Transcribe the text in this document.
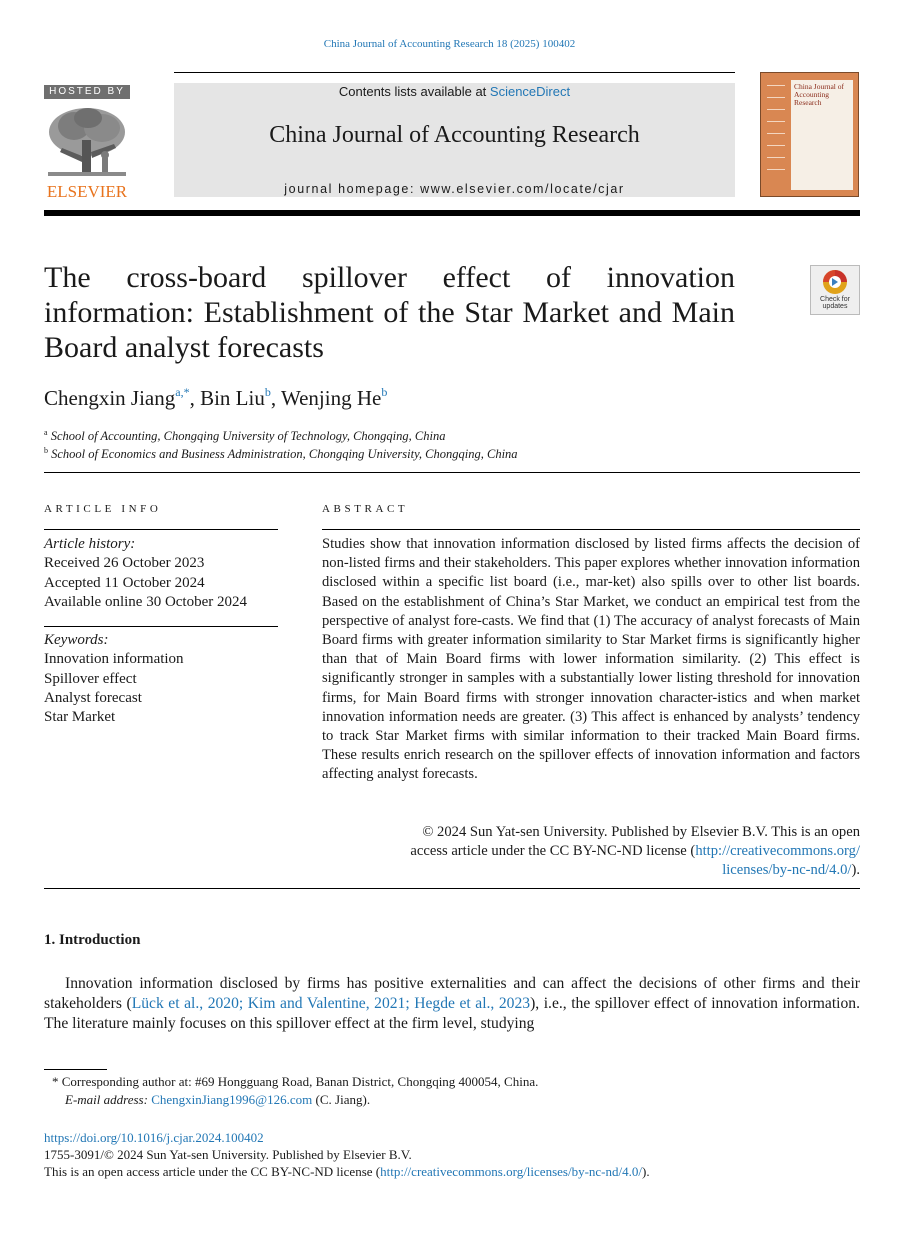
China Journal of Accounting Research 18 (2025) 100402
HOSTED BY
ELSEVIER
Contents lists available at ScienceDirect
China Journal of Accounting Research
journal homepage: www.elsevier.com/locate/cjar
China Journal of Accounting Research
The cross-board spillover effect of innovation information: Establishment of the Star Market and Main Board analyst forecasts
Check for updates
Chengxin Jiang$^{a,*}$, Bin Liu$^b$, Wenjing He$^b$
$^a$ School of Accounting, Chongqing University of Technology, Chongqing, China
$^b$ School of Economics and Business Administration, Chongqing University, Chongqing, China
ARTICLE INFO
Article history:
Received 26 October 2023
Accepted 11 October 2024
Available online 30 October 2024
Keywords:
Innovation information
Spillover effect
Analyst forecast
Star Market
ABSTRACT
Studies show that innovation information disclosed by listed firms affects the decision of non-listed firms and their stakeholders. This paper explores whether innovation information disclosed within a specific list board (i.e., mar-ket) also spills over to other list boards. Based on the establishment of China’s Star Market, we conduct an empirical test from the perspective of analyst fore-casts. We find that (1) The accuracy of analyst forecasts of Main Board firms with greater information similarity to Star Market firms is significantly higher than that of Main Board firms with lower information similarity. (2) This effect is significantly stronger in samples with a substantially lower listing threshold for innovation firms, for Main Board firms with stronger innovation character-istics and when market innovation information needs are greater. (3) This affect is enhanced by analysts’ tendency to track Star Market firms with similar information to their tracked Main Board firms. These results enrich research on the spillover effects of innovation information and factors affecting analyst forecasts.
© 2024 Sun Yat-sen University. Published by Elsevier B.V. This is an open
access article under the CC BY-NC-ND license (http://creativecommons.org/
licenses/by-nc-nd/4.0/).
1. Introduction
Innovation information disclosed by firms has positive externalities and can affect the decisions of other firms and their stakeholders (Lück et al., 2020; Kim and Valentine, 2021; Hegde et al., 2023), i.e., the spillover effect of innovation information. The literature mainly focuses on this spillover effect at the firm level, studying
* Corresponding author at: #69 Hongguang Road, Banan District, Chongqing 400054, China.
E-mail address: ChengxinJiang1996@126.com (C. Jiang).
https://doi.org/10.1016/j.cjar.2024.100402
1755-3091/© 2024 Sun Yat-sen University. Published by Elsevier B.V.
This is an open access article under the CC BY-NC-ND license (http://creativecommons.org/licenses/by-nc-nd/4.0/).
